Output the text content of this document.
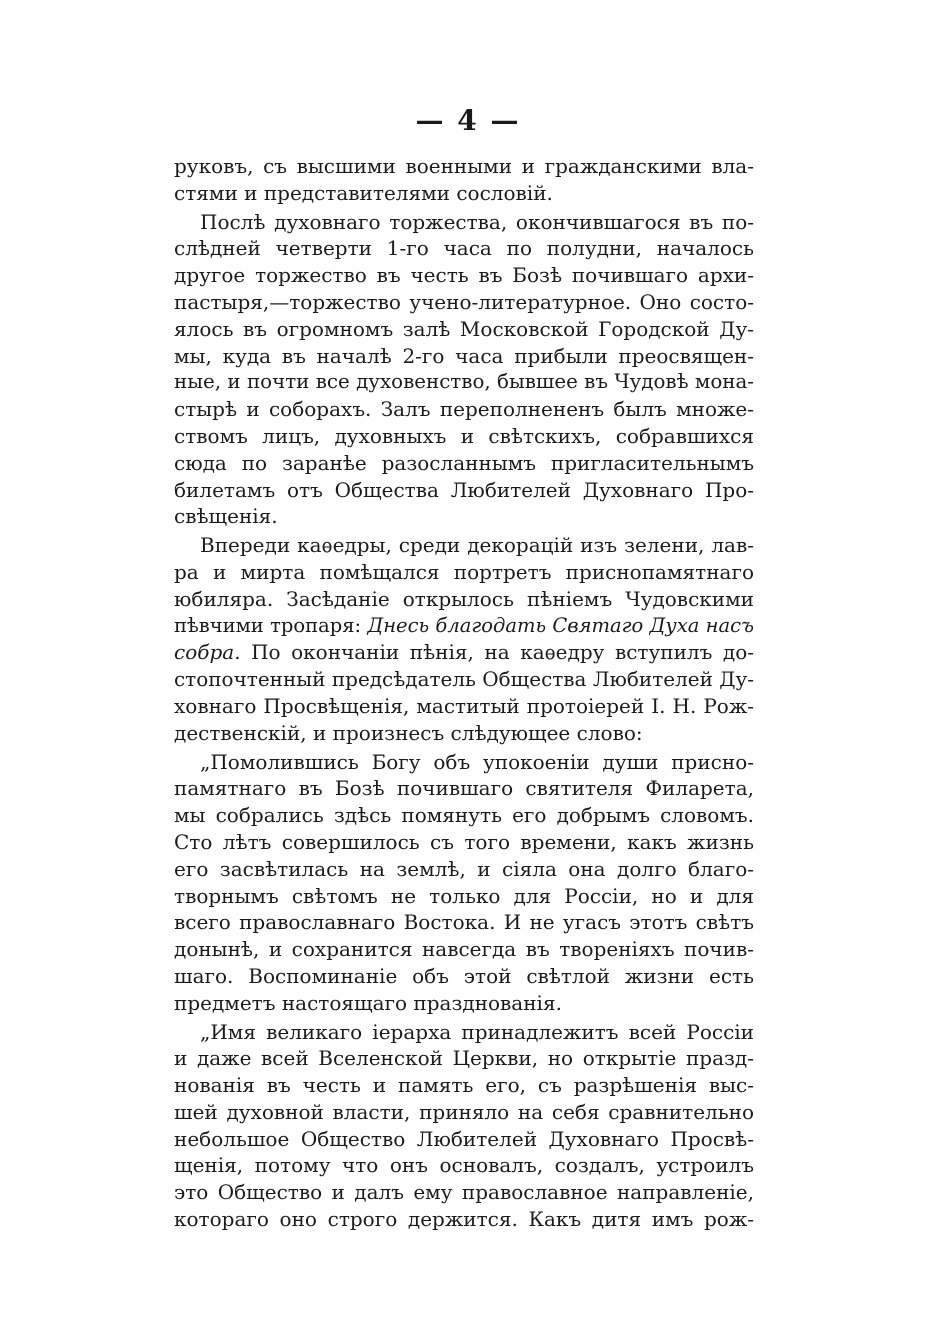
— 4 —
руковъ, съ высшими военными и гражданскими вла-
стями и представителями сословій.
Послѣ духовнаго торжества, окончившагося въ по-
слѣдней четверти 1-го часа по полудни, началось
другое торжество въ честь въ Бозѣ почившаго архи-
пастыря,—торжество учено-литературное. Оно состо-
ялось въ огромномъ залѣ Московской Городской Ду-
мы, куда въ началѣ 2-го часа прибыли преосвящен-
ные, и почти все духовенство, бывшее въ Чудовѣ мона-
стырѣ и соборахъ. Залъ переполнененъ былъ множе-
ствомъ лицъ, духовныхъ и свѣтскихъ, собравшихся
сюда по заранѣе разосланнымъ пригласительнымъ
билетамъ отъ Общества Любителей Духовнаго Про-
свѣщенія.
Впереди каѳедры, среди декорацій изъ зелени, лав-
ра и мирта помѣщался портретъ приснопамятнаго
юбиляра. Засѣданіе открылось пѣніемъ Чудовскими
пѣвчими тропаря: Днесь благодать Святаго Духа насъ
собра. По окончаніи пѣнія, на каѳедру вступилъ до-
стопочтенный предсѣдатель Общества Любителей Ду-
ховнаго Просвѣщенія, маститый протоіерей І. Н. Рож-
дественскій, и произнесъ слѣдующее слово:
„Помолившись Богу объ упокоеніи души присно-
памятнаго въ Бозѣ почившаго святителя Филарета,
мы собрались здѣсь помянуть его добрымъ словомъ.
Сто лѣтъ совершилось съ того времени, какъ жизнь
его засвѣтилась на землѣ, и сіяла она долго благо-
творнымъ свѣтомъ не только для Россіи, но и для
всего православнаго Востока. И не угасъ этотъ свѣтъ
донынѣ, и сохранится навсегда въ твореніяхъ почив-
шаго. Воспоминаніе объ этой свѣтлой жизни есть
предметъ настоящаго празднованія.
„Имя великаго іерарха принадлежитъ всей Россіи
и даже всей Вселенской Церкви, но открытіе празд-
нованія въ честь и память его, съ разрѣшенія выс-
шей духовной власти, приняло на себя сравнительно
небольшое Общество Любителей Духовнаго Просвѣ-
щенія, потому что онъ основалъ, создалъ, устроилъ
это Общество и далъ ему православное направленіе,
котораго оно строго держится. Какъ дитя имъ рож-
